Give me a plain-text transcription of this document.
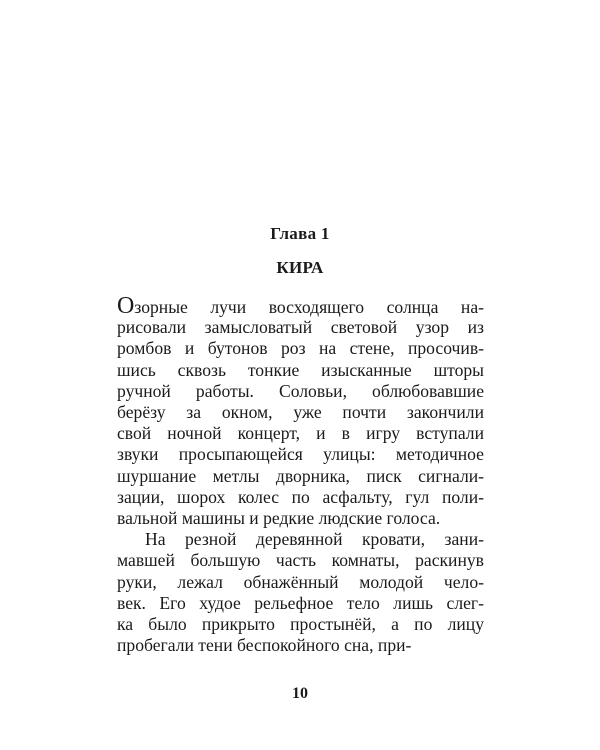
Глава 1
КИРА
Озорные лучи восходящего солнца на-
рисовали замысловатый световой узор из
ромбов и бутонов роз на стене, просочив-
шись сквозь тонкие изысканные шторы
ручной работы. Соловьи, облюбовавшие
берёзу за окном, уже почти закончили
свой ночной концерт, и в игру вступали
звуки просыпающейся улицы: методичное
шуршание метлы дворника, писк сигнали-
зации, шорох колес по асфальту, гул поли-
вальной машины и редкие людские голоса.
На резной деревянной кровати, зани-
мавшей большую часть комнаты, раскинув
руки, лежал обнажённый молодой чело-
век. Его худое рельефное тело лишь слег-
ка было прикрыто простынёй, а по лицу
пробегали тени беспокойного сна, при-
10
